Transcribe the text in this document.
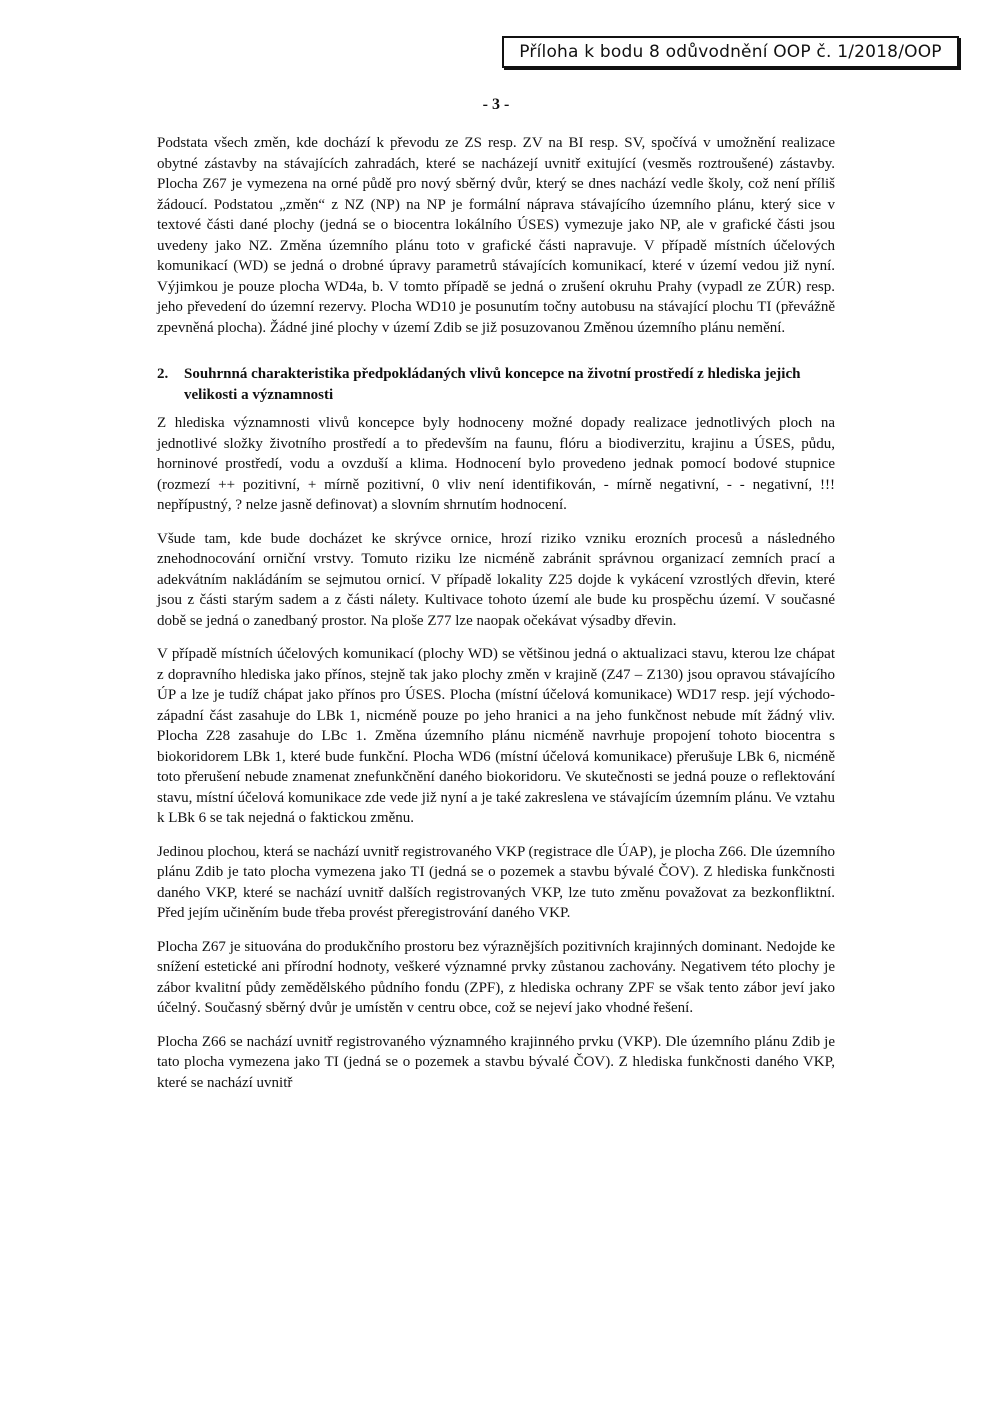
Příloha k bodu 8 odůvodnění OOP č. 1/2018/OOP
- 3 -

Podstata všech změn, kde dochází k převodu ze ZS resp. ZV na BI resp. SV, spočívá v umožnění realizace obytné zástavby na stávajících zahradách, které se nacházejí uvnitř exitující (vesměs roztroušené) zástavby. Plocha Z67 je vymezena na orné půdě pro nový sběrný dvůr, který se dnes nachází vedle školy, což není příliš žádoucí. Podstatou „změn“ z NZ (NP) na NP je formální náprava stávajícího územního plánu, který sice v textové části dané plochy (jedná se o biocentra lokálního ÚSES) vymezuje jako NP, ale v grafické části jsou uvedeny jako NZ. Změna územního plánu toto v grafické části napravuje. V případě místních účelových komunikací (WD) se jedná o drobné úpravy parametrů stávajících komunikací, které v území vedou již nyní. Výjimkou je pouze plocha WD4a, b. V tomto případě se jedná o zrušení okruhu Prahy (vypadl ze ZÚR) resp. jeho převedení do územní rezervy. Plocha WD10 je posunutím točny autobusu na stávající plochu TI (převážně zpevněná plocha). Žádné jiné plochy v území Zdib se již posuzovanou Změnou územního plánu nemění.

2.	Souhrnná charakteristika předpokládaných vlivů koncepce na životní prostředí z hlediska jejich velikosti a významnosti

Z hlediska významnosti vlivů koncepce byly hodnoceny možné dopady realizace jednotlivých ploch na jednotlivé složky životního prostředí a to především na faunu, flóru a biodiverzitu, krajinu a ÚSES, půdu, horninové prostředí, vodu a ovzduší a klima. Hodnocení bylo provedeno jednak pomocí bodové stupnice (rozmezí ++ pozitivní, + mírně pozitivní, 0 vliv není identifikován, - mírně negativní, - - negativní, !!! nepřípustný, ? nelze jasně definovat) a slovním shrnutím hodnocení.

Všude tam, kde bude docházet ke skrývce ornice, hrozí riziko vzniku erozních procesů a následného znehodnocování orniční vrstvy. Tomuto riziku lze nicméně zabránit správnou organizací zemních prací a adekvátním nakládáním se sejmutou ornicí. V případě lokality Z25 dojde k vykácení vzrostlých dřevin, které jsou z části starým sadem a z části nálety. Kultivace tohoto území ale bude ku prospěchu území. V současné době se jedná o zanedbaný prostor. Na ploše Z77 lze naopak očekávat výsadby dřevin.

V případě místních účelových komunikací (plochy WD) se většinou jedná o aktualizaci stavu, kterou lze chápat z dopravního hlediska jako přínos, stejně tak jako plochy změn v krajině (Z47 – Z130) jsou opravou stávajícího ÚP a lze je tudíž chápat jako přínos pro ÚSES. Plocha (místní účelová komunikace) WD17 resp. její východo-západní část zasahuje do LBk 1, nicméně pouze po jeho hranici a na jeho funkčnost nebude mít žádný vliv. Plocha Z28 zasahuje do LBc 1. Změna územního plánu nicméně navrhuje propojení tohoto biocentra s biokoridorem LBk 1, které bude funkční. Plocha WD6 (místní účelová komunikace) přerušuje LBk 6, nicméně toto přerušení nebude znamenat znefunkčnění daného biokoridoru. Ve skutečnosti se jedná pouze o reflektování stavu, místní účelová komunikace zde vede již nyní a je také zakreslena ve stávajícím územním plánu. Ve vztahu k LBk 6 se tak nejedná o faktickou změnu.

Jedinou plochou, která se nachází uvnitř registrovaného VKP (registrace dle ÚAP), je plocha Z66. Dle územního plánu Zdib je tato plocha vymezena jako TI (jedná se o pozemek a stavbu bývalé ČOV). Z hlediska funkčnosti daného VKP, které se nachází uvnitř dalších registrovaných VKP, lze tuto změnu považovat za bezkonfliktní. Před jejím učiněním bude třeba provést přeregistrování daného VKP.

Plocha Z67 je situována do produkčního prostoru bez výraznějších pozitivních krajinných dominant. Nedojde ke snížení estetické ani přírodní hodnoty, veškeré významné prvky zůstanou zachovány. Negativem této plochy je zábor kvalitní půdy zemědělského půdního fondu (ZPF), z hlediska ochrany ZPF se však tento zábor jeví jako účelný. Současný sběrný dvůr je umístěn v centru obce, což se nejeví jako vhodné řešení.

Plocha Z66 se nachází uvnitř registrovaného významného krajinného prvku (VKP). Dle územního plánu Zdib je tato plocha vymezena jako TI (jedná se o pozemek a stavbu bývalé ČOV). Z hlediska funkčnosti daného VKP, které se nachází uvnitř
